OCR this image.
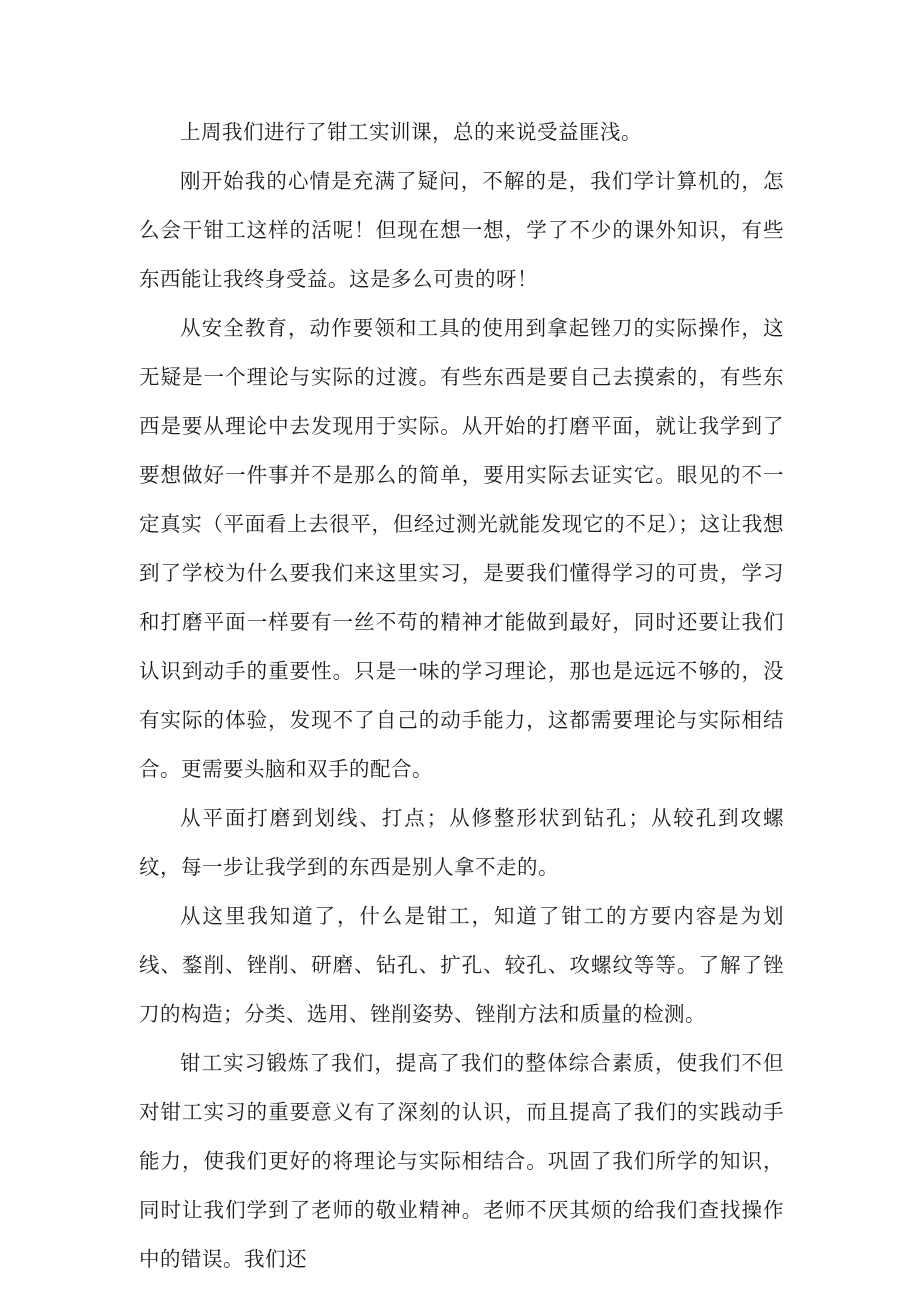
上周我们进行了钳工实训课，总的来说受益匪浅。

刚开始我的心情是充满了疑问，不解的是，我们学计算机的，怎么会干钳工这样的活呢！但现在想一想，学了不少的课外知识，有些东西能让我终身受益。这是多么可贵的呀！

从安全教育，动作要领和工具的使用到拿起锉刀的实际操作，这无疑是一个理论与实际的过渡。有些东西是要自己去摸索的，有些东西是要从理论中去发现用于实际。从开始的打磨平面，就让我学到了要想做好一件事并不是那么的简单，要用实际去证实它。眼见的不一定真实（平面看上去很平，但经过测光就能发现它的不足）；这让我想到了学校为什么要我们来这里实习，是要我们懂得学习的可贵，学习和打磨平面一样要有一丝不苟的精神才能做到最好，同时还要让我们认识到动手的重要性。只是一味的学习理论，那也是远远不够的，没有实际的体验，发现不了自己的动手能力，这都需要理论与实际相结合。更需要头脑和双手的配合。

从平面打磨到划线、打点；从修整形状到钻孔；从较孔到攻螺纹，每一步让我学到的东西是别人拿不走的。

从这里我知道了，什么是钳工，知道了钳工的方要内容是为划线、鍪削、锉削、研磨、钻孔、扩孔、较孔、攻螺纹等等。了解了锉刀的构造；分类、选用、锉削姿势、锉削方法和质量的检测。

钳工实习锻炼了我们，提高了我们的整体综合素质，使我们不但对钳工实习的重要意义有了深刻的认识，而且提高了我们的实践动手能力，使我们更好的将理论与实际相结合。巩固了我们所学的知识，同时让我们学到了老师的敬业精神。老师不厌其烦的给我们查找操作中的错误。我们还
